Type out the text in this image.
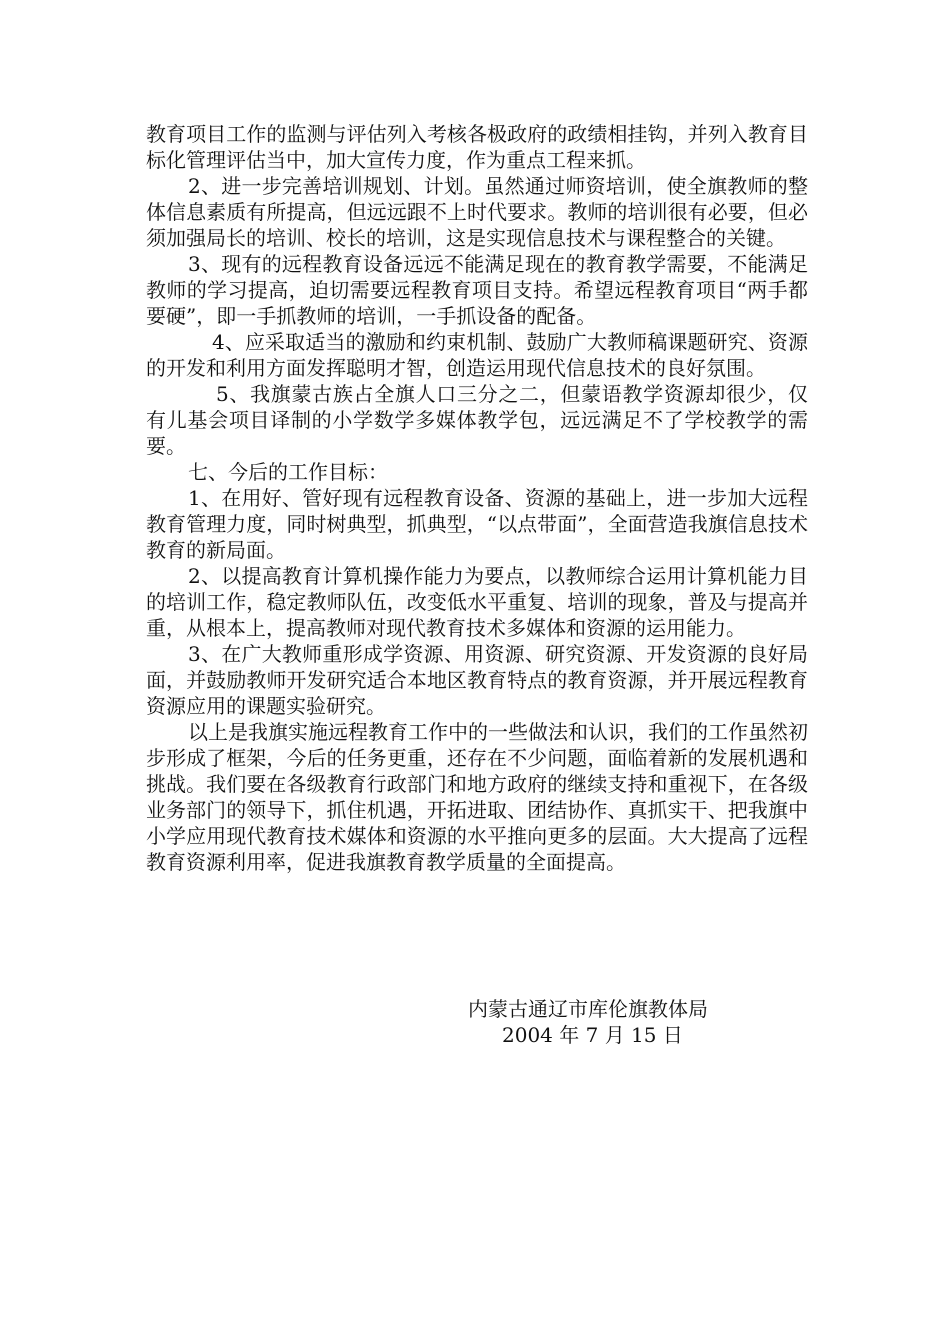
教育项目工作的监测与评估列入考核各极政府的政绩相挂钩，并列入教育目标化管理评估当中，加大宣传力度，作为重点工程来抓。

2、进一步完善培训规划、计划。虽然通过师资培训，使全旗教师的整体信息素质有所提高，但远远跟不上时代要求。教师的培训很有必要，但必须加强局长的培训、校长的培训，这是实现信息技术与课程整合的关键。

3、现有的远程教育设备远远不能满足现在的教育教学需要，不能满足教师的学习提高，迫切需要远程教育项目支持。希望远程教育项目“两手都要硬”，即一手抓教师的培训，一手抓设备的配备。

4、应采取适当的激励和约束机制、鼓励广大教师稿课题研究、资源的开发和利用方面发挥聪明才智，创造运用现代信息技术的良好氛围。

5、我旗蒙古族占全旗人口三分之二，但蒙语教学资源却很少，仅有儿基会项目译制的小学数学多媒体教学包，远远满足不了学校教学的需要。

七、今后的工作目标：

1、在用好、管好现有远程教育设备、资源的基础上，进一步加大远程教育管理力度，同时树典型，抓典型，“以点带面”，全面营造我旗信息技术教育的新局面。

2、以提高教育计算机操作能力为要点，以教师综合运用计算机能力目的培训工作，稳定教师队伍，改变低水平重复、培训的现象，普及与提高并重，从根本上，提高教师对现代教育技术多媒体和资源的运用能力。

3、在广大教师重形成学资源、用资源、研究资源、开发资源的良好局面，并鼓励教师开发研究适合本地区教育特点的教育资源，并开展远程教育资源应用的课题实验研究。

以上是我旗实施远程教育工作中的一些做法和认识，我们的工作虽然初步形成了框架，今后的任务更重，还存在不少问题，面临着新的发展机遇和挑战。我们要在各级教育行政部门和地方政府的继续支持和重视下，在各级业务部门的领导下，抓住机遇，开拓进取、团结协作、真抓实干、把我旗中小学应用现代教育技术媒体和资源的水平推向更多的层面。大大提高了远程教育资源利用率，促进我旗教育教学质量的全面提高。

内蒙古通辽市库伦旗教体局
2004 年 7 月 15 日
